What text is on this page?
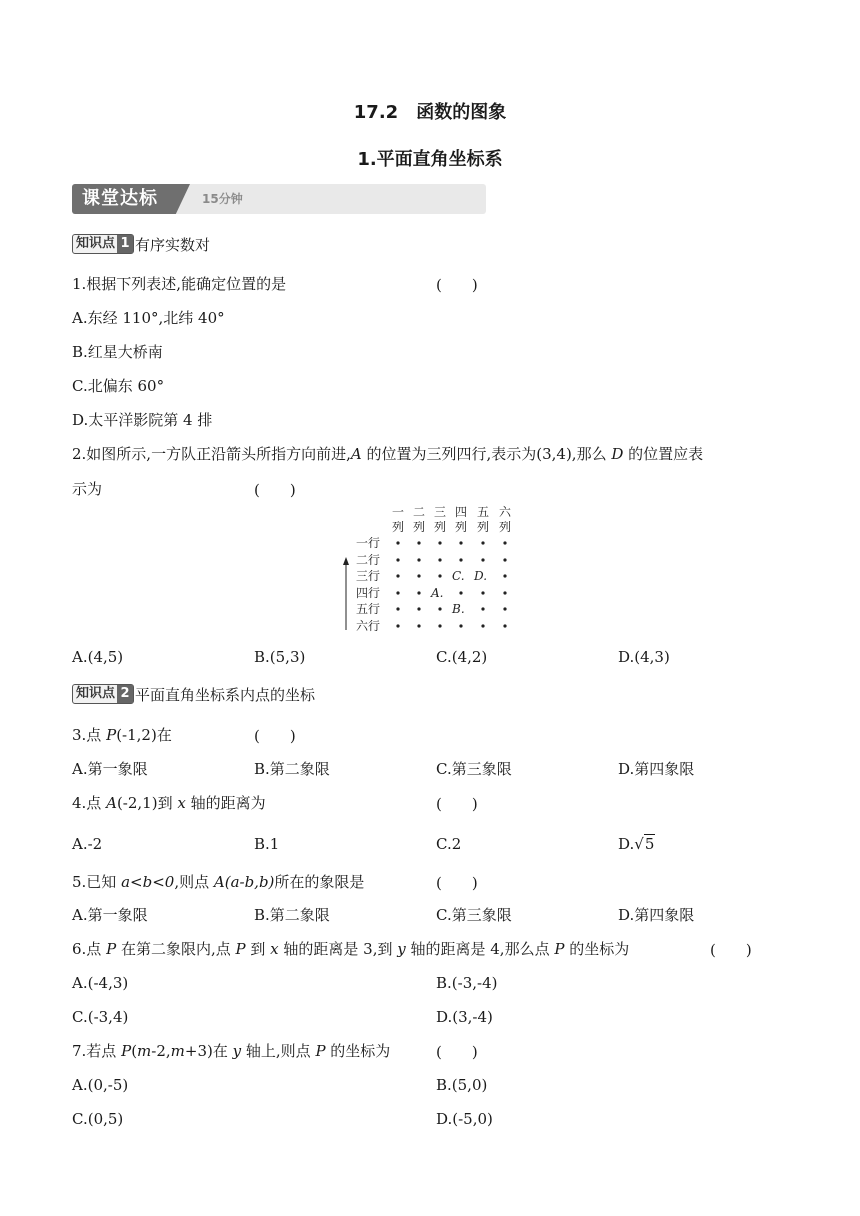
17.2　函数的图象
1.平面直角坐标系
课堂达标	15分钟
知识点 1 有序实数对
1.根据下列表述,能确定位置的是	(　　)
A.东经 110°,北纬 40°
B.红星大桥南
C.北偏东 60°
D.太平洋影院第 4 排
2.如图所示,一方队正沿箭头所指方向前进,A 的位置为三列四行,表示为(3,4),那么 D 的位置应表
示为	(　　)
一
列
二
列
三
列
四
列
五
列
六
列
一行
二行
三行
四行
五行
六行
C. D.
A.
B.
A.(4,5)	B.(5,3)	C.(4,2)	D.(4,3)
知识点 2 平面直角坐标系内点的坐标
3.点 P(-1,2)在	(　　)
A.第一象限	B.第二象限	C.第三象限	D.第四象限
4.点 A(-2,1)到 x 轴的距离为	(　　)
A.-2	B.1	C.2	D.√5
5.已知 a<b<0,则点 A(a-b,b)所在的象限是	(　　)
A.第一象限	B.第二象限	C.第三象限	D.第四象限
6.点 P 在第二象限内,点 P 到 x 轴的距离是 3,到 y 轴的距离是 4,那么点 P 的坐标为	(　　)
A.(-4,3)	B.(-3,-4)
C.(-3,4)	D.(3,-4)
7.若点 P(m-2,m+3)在 y 轴上,则点 P 的坐标为	(　　)
A.(0,-5)	B.(5,0)
C.(0,5)	D.(-5,0)
